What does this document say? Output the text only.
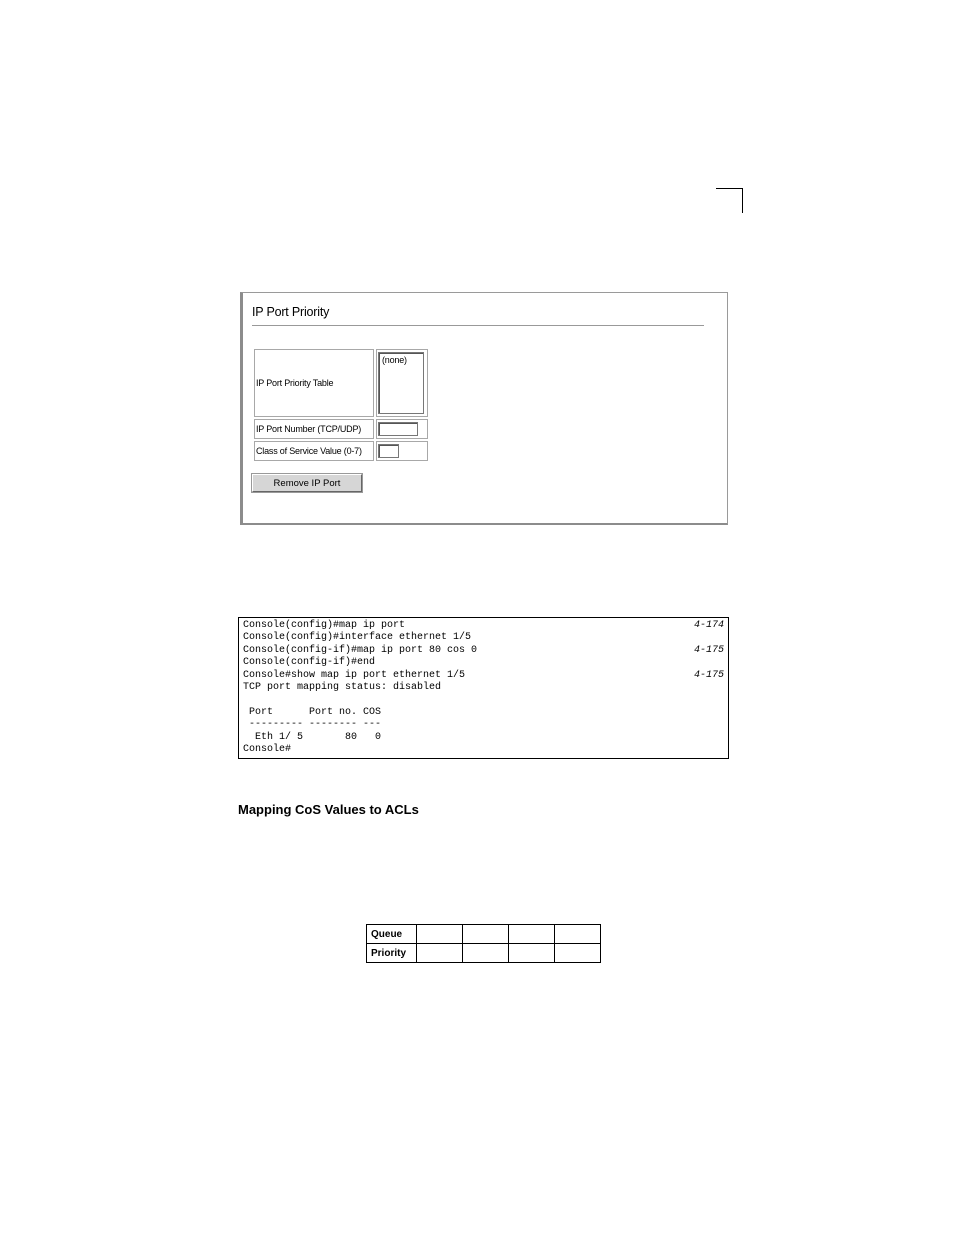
IP Port Priority
IP Port Priority Table	(none)

IP Port Number (TCP/UDP)	

Class of Service Value (0-7)	
Remove IP Port
Console(config)#map ip port	4-174
Console(config)#interface ethernet 1/5
Console(config-if)#map ip port 80 cos 0	4-175
Console(config-if)#end
Console#show map ip port ethernet 1/5	4-175
TCP port mapping status: disabled
Port      Port no. COS
--------- -------- ---
Eth 1/ 5       80   0
Console#
Mapping CoS Values to ACLs
Queue				
Priority				
